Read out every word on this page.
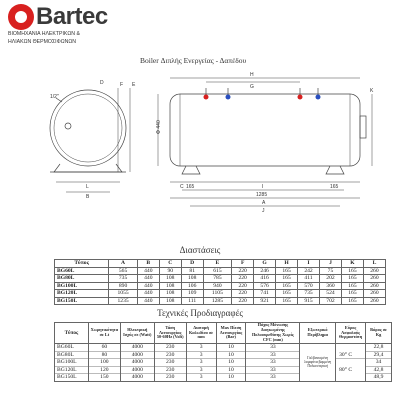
Bartec
ΒΙΟΜΗΧΑΝΙΑ ΗΛΕΚΤΡΙΚΩΝ &
ΗΛΙΑΚΩΝ ΘΕΡΜΟΣΙΦΩΝΩΝ
Boiler Διπλής Ενεργείας - Δαπέδου
1/2''
F E
D
L
B
K
H
G
A
C	I
J
Φ 440
165	165
1285
Διαστάσεις
Τύπος	A	B	C	D	E	F	G	H	I	J	K	L
BG60L	565	440	90	81	615	220	246	165	242	75	165	260
BG80L	735	440	108	108	785	220	416	165	411	202	165	260
BG100L	890	440	108	106	940	220	576	165	570	360	165	260
BG120L	1055	440	108	109	1105	220	741	165	735	524	165	260
BG150L	1235	440	108	111	1285	220	921	165	915	702	165	260
Τεχνικές Προδιαγραφές
Τύπος	Χωρητικότητα σε Lt	Ηλεκτρική Ισχύς σε (Watt)	Τάση Λειτουργίας 50-60Hz (Volt)	Διατομή Καλωδίου σε mm	Max Πίεση Λειτουργίας (Bar)	Πάχος Μόνωσης Διογκωμένης Πολυουρεθάνης Χωρίς CFC (mm)	Εξωτερικό Περίβλημα	Εύρος Ασφαλούς Θερμοστάτη	Βάρος σε Kg
BG60L	60	4000	230	3	10	33	Γαλβανισμένη λαμαρίνα βαμμένη Πολυεστερική	30° C	22,8
BG80L	80	4000	230	3	10	33			29,4
BG100L	100	4000	230	3	10	33		80° C	34
BG120L	120	4000	230	3	10	33			42,8
BG150L	150	4000	230	3	10	33			48,9
